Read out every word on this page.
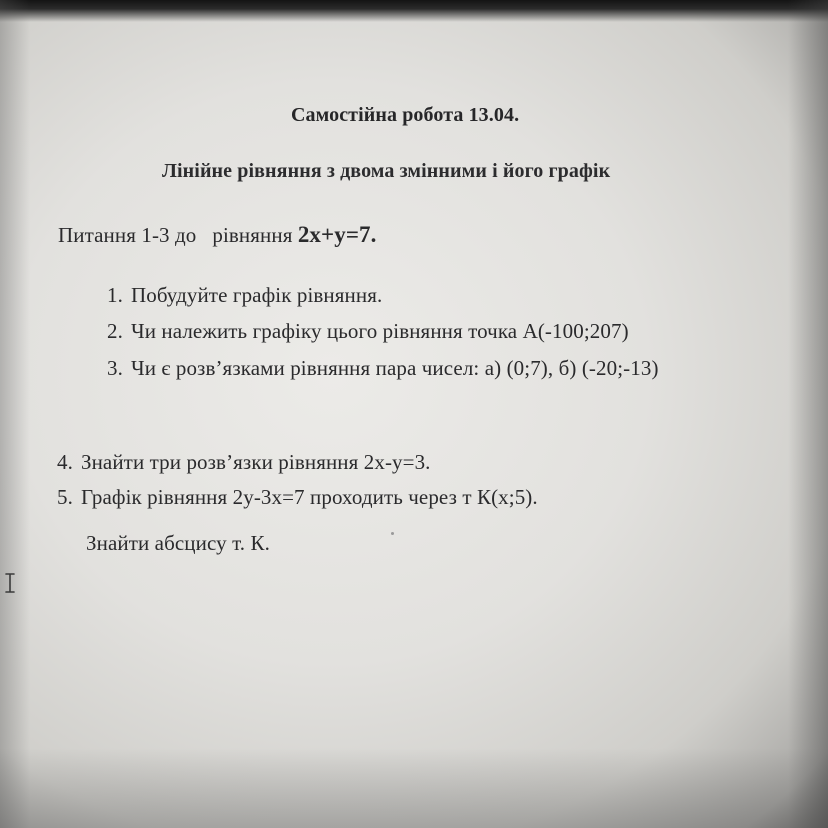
Самостійна робота 13.04.
Лінійне рівняння з двома змінними і його графік
Питання 1-3 до рівняння 2x+y=7.
1. Побудуйте графік рівняння.
2. Чи належить графіку цього рівняння точка А(-100;207)
3. Чи є розв’язками рівняння пара чисел: а) (0;7), б) (-20;-13)
4. Знайти три розв’язки рівняння 2х-у=3.
5. Графік рівняння 2у-3х=7 проходить через т К(х;5).
Знайти абсцису т. К.
